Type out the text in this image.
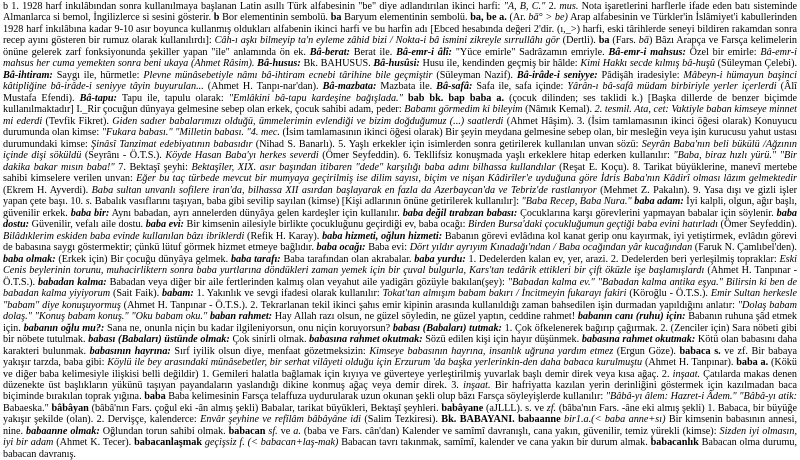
b 1. 1928 harf inkılâbından sonra kullanılmaya başlanan Latin asıllı Türk alfabesinin "be" diye adlandırılan ikinci harfi: "A, B, C." 2. mus. Nota işaretlerini harflerle ifade eden batı sisteminde Almanlarca si bemol, İngilizlerce si sesini gösterir. b Bor elementinin sembolü. ba Baryum elementinin sembolü. ba, be a. (Ar. bā° > be) Arap alfabesinin ve Türkler'in İslâmiyet'i kabullerinden 1928 harf inkılâbına kadar 9-10 asır boyunca kullanmış oldukları alfabenin ikinci harfi ve bu harfin adı [Ebced hesabında değeri 2'dir. (ı,_>) harfi, eski târihlerde seneyi bildiren rakamdan sonra recep ayını gösteren bir rumuz olarak kullanılırdı]: Câh-ı aşkı bilmeyip ta'n eyleme zâhid bizi / Nokta-i bâ ismini zikreyle sırrullâhı gör (Dertli). ba (Fars. bā) Bâzı Arapça ve Farsça kelimelerin önüne gelerek zarf fonksiyonunda şekiller yapan "ile" anlamında ön ek. Bâ-berat: Berat ile. Bâ-emr-i âlî: "Yüce emirle" Sadrâzamın emriyle. Bâ-emr-i mahsus: Özel bir emirle: Bâ-emr-i mahsus her cuma yemekten sonra beni ukaya (Ahmet Râsim). Bâ-husus: Bk. BAHUSUS. Bâ-husûsi: Husu ile, kendinden geçmiş bir hâlde: Kimi Hakkı secde kılmış bâ-huşû (Süleyman Çelebi). Bâ-ihtiram: Saygı ile, hürmetle: Plevne münâsebetiyle nâmı bâ-ihtiram ecnebi târihine bile geçmiştir (Süleyman Nazif). Bâ-irâde-i seniyye: Pâdişâh iradesiyle: Mâbeyn-i hümayun başinci kâtipliğine bâ-irâde-i seniyye tâyin buyurulan... (Ahmet H. Tanpı-nar'dan). Bâ-mazbata: Mazbata ile. Bâ-safâ: Safa ile, safa içinde: Yârân-ı bâ-safâ müdam birbiriyle yerler içerlerdi (Âlî Mustafa Efendi). Bâ-tapu: Tapu ile, tapulu olarak: "Emlâkini bâ-tapu kardeşine bağışlada." bab bk. bap baba a. (çocuk dilinden; ses taklidi k.) [Başka dillerde de benzer biçimde kullanılmaktadır] I._Rir çocuğun dünyaya gelmesine sebep olan erkek, çocuk sahibi adam, peder: Babamı görmedim ki bileyim (Nâmık Kemal). 2. tesmil. Ata, cet: Vaktiyle baban kimseye minnet mi ederdi (Tevfik Fikret). Giden sadıer babalarımızı olduğü, ümmelerimin evlendiği ve bizim doğduğumuz (...) saatlerdi (Ahmet Hâşim). 3. (İsim tamlamasının ikinci öğesi olarak) Konuyucu durumunda olan kimse: "Fukara babası." "Milletin babası. "4. mec. (İsim tamlamasının ikinci öğesi olarak) Bir şeyin meydana gelmesine sebep olan, bir mesleğin veya işin kurucusu yahut ustası durumundaki kimse: Şinâsî Tanzimat edebiyatının babasıdır (Nihad S. Banarlı). 5. Yaşlı erkekler için isimlerden sonra getirilerek kullanılan unvan sözü: Seyrân Baba'nın beli bükülü /Ağzının içinde dişi söküldü (Seyrânı - Ö.T.S.). Köyde Hasan Baba'yı herkes severdi (Ömer Seyfeddin). 6. Tekllifsiz konuşmada yaşlı erkeklere hitap ederken kullanılır: "Baba, biraz hızlı yürü." "Bir dakika bakar mısın baba!" 7. Bektaşî şeyhi: Bektaşîler, XIX. asır başından itibaren "dede" karşılığı baba adını bilhassa kullandılar (Reşat E. Koçu). 8. Tarikat büyüklerine, manevî mertebe sahibi kimselere verilen unvan: Eğer bu taç türbede mevcut bir mumyaya geçirilmiş ise dilim sayısı, biçim ve nişan Kâdirîler'e uyduğuna göre İdris Baba'nın Kâdirî olması lâzım gelmektedir (Ekrem H. Ayverdi). Baba sultan unvanlı sofilere iran'da, bilhassa XII asırdan başlayarak en fazla da Azerbaycan'da ve Tebriz'de rastlanıyor (Mehmet Z. Pakalın). 9. Yasa dışı ve gizli işler yapan çete başı. 10. s. Babalık vasıflarını taşıyan, baba gibi sevilip sayılan (kimse) [Kişi adlarının önüne getirilerek kullanılır]: "Baba Recep, Baba Nura." baba adam: İyi kalpli, olgun, ağır başlı, güvenilir erkek. baba bir: Aynı babadan, ayrı annelerden dünyâya gelen kardeşler için kullanılır. baba değil tırabzan babası: Çocuklarına karşı görevlerini yapmayan babalar için söylenir. baba dostu: Güvenilir, vefalı aile dostu. baba evi: Bir kimsenin ailesiyle birlikte çocukluğunu geçirdiği ev, baba ocağı: Birden Bursa'daki çocukluğumun geçtiği baba evini hatırladı (Ömer Seyfeddin). Bilâdıklerim eskiden baba evinde kullanılan bâzı ibriklerdi (Refik H. Karay). baba hizmeti, oğlun hizmeti: Babanın görevi evlâdına kol kanat gerip onu kayırmak, iyi yetiştirmek, evlâdın görevi de babasına saygı göstermektir; çünkü lütuf görmek hizmet etmeye bağlıdır. baba ocağı: Baba evi: Dört yıldır ayrıyım Kınadağı'ndan / Baba ocağından yâr kucağından (Faruk N. Çamlıbel'den). baba olmak: (Erkek için) Bir çocuğu dünyâya gelmek. baba tarafı: Baba tarafından olan akrabalar. baba yurdu: 1. Dedelerden kalan ev, yer, arazi. 2. Dedelerden beri yerleşilmiş topraklar: Eski Cenis beylerinin torunu, muhacirliktern sonra baba yurtlarına döndükleri zaman yemek için bir çuval bulgurla, Kars'tan tedârik ettikleri bir çift öküzle işe başlamışlardı (Ahmet H. Tanpınar - Ö.T.S.). babadan kalma: Babadan veya diğer bir aile fertlerinden kalmış olan veyahut aile yadigârı gözüyle bakılan(şey): "Babadan kalma ev." "Babadan kalma antika eşya." Bilirsin ki ben de babadan kalma yiyiyorum (Sait Faik). babam: 1. Yakınlık ve sevgi ifadesi olarak kullanılır: Tokat'tan almışım babam bakırı / İncitmeyin fukarayı fakiri (Köroğlu - Ö.T.S.). Emir Sultan herkesle "babam" diye konuşuyormuş (Ahmet H. Tanpınar - Ö.T.S.). 2. Tekrarlanan tekil ikinci şahıs emir kipinin arasında kullanıldığı zaman bahsedilen işin durmadan yapıldığını anlatır: "Dolaş babam dolaş." "Konuş babam konuş." "Oku babam oku." baban rahmet: Hay Allah razı olsun, ne güzel söyledin, ne güzel yaptın, ceddine rahmet! babanın canı (ruhu) için: Babanın ruhuna şâd etmek için. babanın oğlu mu?: Sana ne, onunla niçin bu kadar ilgileniyorsun, onu niçin koruyorsun? babası (Babaları) tutmak: 1. Çok öfkelenerek bağırıp çağırmak. 2. (Zenciler için) Sara nöbeti gibi bir nöbete tutulmak. babası (Babaları) üstünde olmak: Çok sinirli olmak. babasına rahmet okutmak: Sözü edilen kişi için hayır düşünmek. babasına rahmet okutmak: Kötü olan babasını daha karakteri bulunmak. babasının hayrına: Sırf iyilik olsun diye, menfaat gözetmeksizin: Kimseye babasının hayrına, insanlık uğruna yardım etmez (Ergun Göze). babaca s. ve zf. Bir babaya yakışır tarzda, baba gibi: Köylü ile bey arasındaki münâsebetler, bir serhat vilâyeti olduğu için Erzurum 'da başka yerlerinkin-den daha babaca kurulmuştu (Ahmet H. Tanpınar). baba a. (Kökü ve diğer baba kelimesiyle ilişkisi belli değildir) 1. Gemileri halatla bağlamak için kıyıya ve güverteye yerleştirilmiş yuvarlak başlı demir direk veya kısa ağaç. 2. inşaat. Çatılarda makas denen düzenekte üst başlıkların yükünü taşıyan payandaların yaslandığı dikine konmuş ağaç veya demir direk. 3. inşaat. Bir hafriyatta kazılan yerin derinliğini göstermek için kazılmadan baca biçiminde bırakılan toprak yığına. baba Baba kelimesinin Farsça telaffuza uydurularak uzun okunan şekli olup bâzı Farsça söyleyişlerde kullanılır: "Bâbâ-yı âlem: Hazret-i Âdem." "Bâbâ-yı atik: Babaeska." bâbâyan (bâbâ'nın Fars. çoğul eki -ân almış şekli) Babalar, tarikat büyükleri, Bektaşî şeyhleri. babâyane (aJLLL). s. ve zf. (bâba'nın Fars. -âne eki almış şekli) 1. Babaca, bir büyüğe yakışır şekilde (olan). 2. Dervişçe, kalenderce: Envâr şeyhine ve refîlâm bâbâyâne idi (Salim Tezkiresi). Bk. BABAYANI. babaanne bir1.a.(< baba anne+sı) Bir kimsenin babasının annesi, nine. babaanne olmak: Oğlundan torun sahibi olmak. babacan sf. ve a. (baba ve Fars. cân'dan) Kalender ve samîmî davranışlı, cana yakın, güvenilir, temiz yürekli (kimse): Sizden iyi olmasın, iyi bir adam (Ahmet K. Tecer). babacanlaşmak geçişsiz f. (< babacan+laş-mak) Babacan tavrı takınmak, samîmî, kalender ve cana yakın bir durum almak. babacanlık Babacan olma durumu, babacan davranış.
